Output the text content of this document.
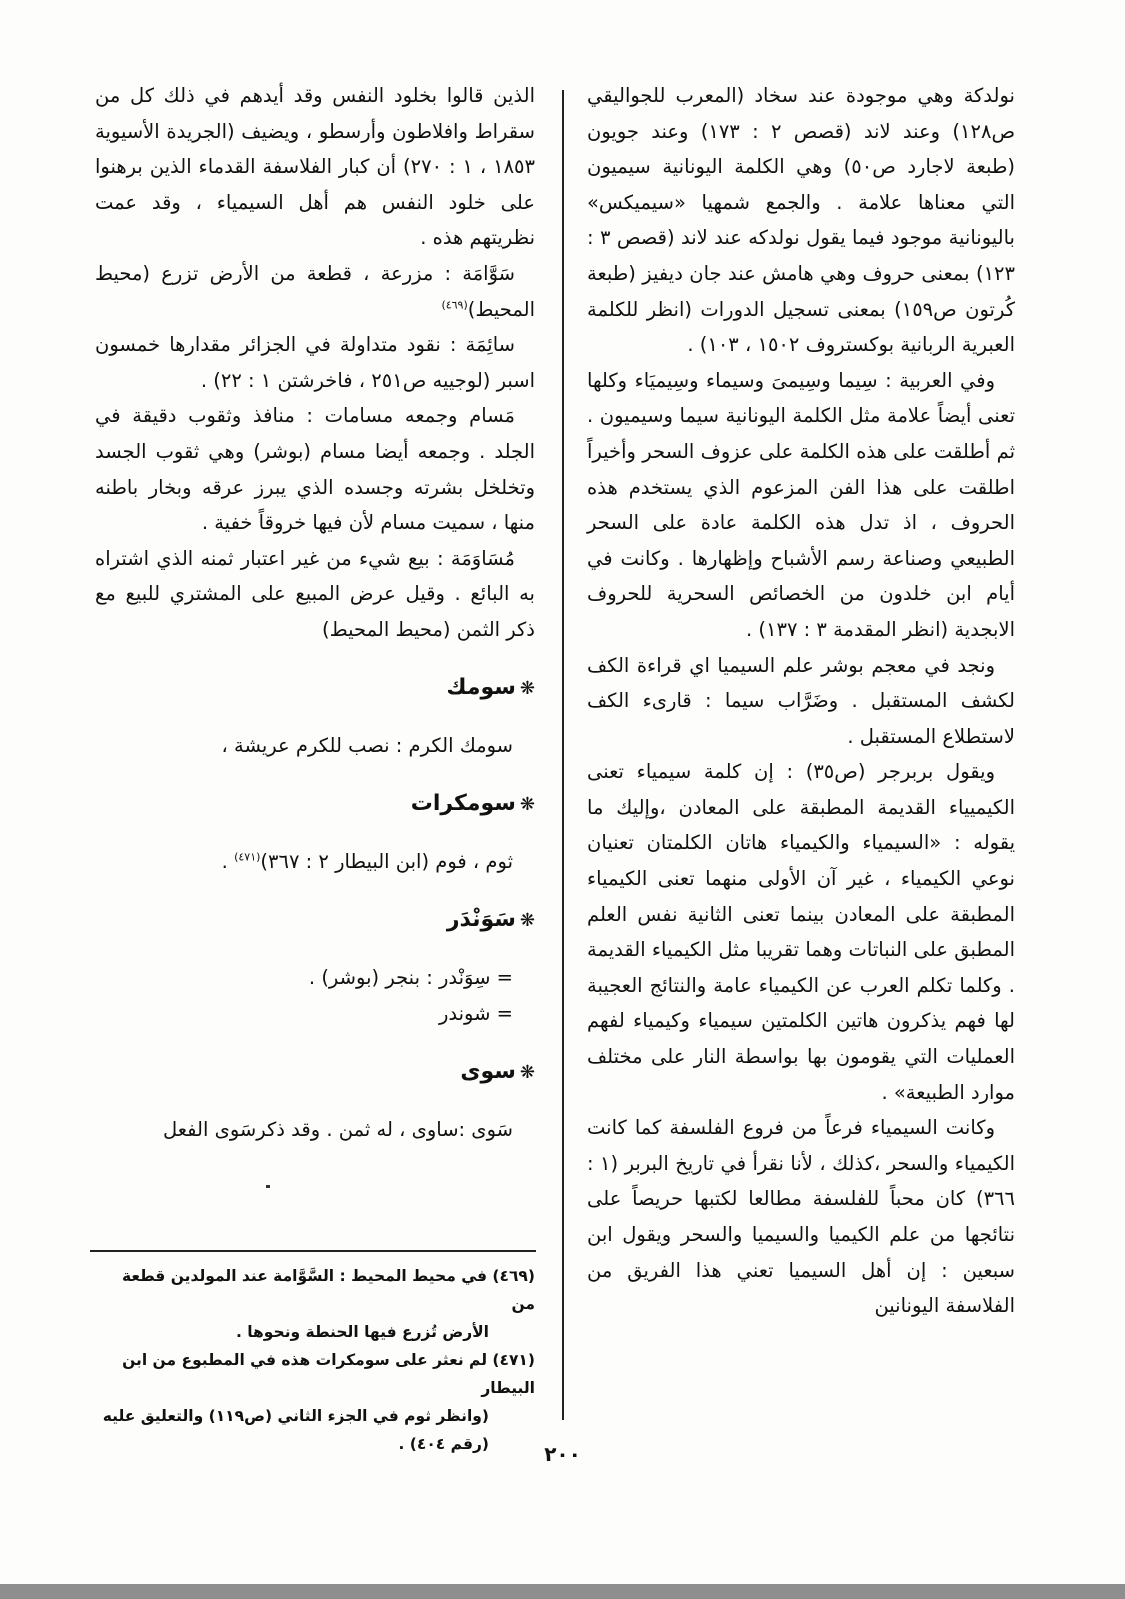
نولدكة وهي موجودة عند سخاد (المعرب للجواليقي ص١٢٨) وعند لاند (قصص ٢ : ١٧٣) وعند جويون (طبعة لاجارد ص٥٠) وهي الكلمة اليونانية سيميون التي معناها علامة . والجمع شمهيا «سيميكس» باليونانية موجود فيما يقول نولدكه عند لاند (قصص ٣ : ١٢٣) بمعنى حروف وهي هامش عند جان ديفيز (طبعة كُرتون ص١٥٩) بمعنى تسجيل الدورات (انظر للكلمة العبرية الربانية بوكستروف ١٥٠٢ ، ١٠٣) .

وفي العربية : سِيما وسِيمىَ وسيماء وسِيميَاء وكلها تعنى أيضاً علامة مثل الكلمة اليونانية سيما وسيميون . ثم أطلقت على هذه الكلمة على عزوف السحر وأخيراً اطلقت على هذا الفن المزعوم الذي يستخدم هذه الحروف ، اذ تدل هذه الكلمة عادة على السحر الطبيعي وصناعة رسم الأشباح وإظهارها . وكانت في أيام ابن خلدون من الخصائص السحرية للحروف الابجدية (انظر المقدمة ٣ : ١٣٧) .

ونجد في معجم بوشر علم السيميا اي قراءة الكف لكشف المستقبل . وضَرَّاب سيما : قارىء الكف لاستطلاع المستقبل .

ويقول بربرجر (ص٣٥) : إن كلمة سيمياء تعنى الكيميياء القديمة المطبقة على المعادن ،وإليك ما يقوله : «السيمياء والكيمياء هاتان الكلمتان تعنيان نوعي الكيمياء ، غير آن الأولى منهما تعنى الكيمياء المطبقة على المعادن بينما تعنى الثانية نفس العلم المطبق على النباتات وهما تقريبا مثل الكيمياء القديمة . وكلما تكلم العرب عن الكيمياء عامة والنتائج العجيبة لها فهم يذكرون هاتين الكلمتين سيمياء وكيمياء لفهم العمليات التي يقومون بها بواسطة النار على مختلف موارد الطبيعة» .

وكانت السيمياء فرعاً من فروع الفلسفة كما كانت الكيمياء والسحر ،كذلك ، لأنا نقرأ في تاريخ البربر (١ : ٣٦٦) كان محباً للفلسفة مطالعا لكتبها حريصاً على نتائجها من علم الكيميا والسيميا والسحر ويقول ابن سبعين : إن أهل السيميا تعني هذا الفريق من الفلاسفة اليونانين

الذين قالوا بخلود النفس وقد أيدهم في ذلك كل من سقراط وافلاطون وأرسطو ، ويضيف (الجريدة الأسيوية ١٨٥٣ ، ١ : ٢٧٠) أن كبار الفلاسفة القدماء الذين برهنوا على خلود النفس هم أهل السيمياء ، وقد عمت نظريتهم هذه .

سَوَّامَة : مزرعة ، قطعة من الأرض تزرع (محيط المحيط)$^{(٤٦٩)}$

سائِمَة : نقود متداولة في الجزائر مقدارها خمسون اسبر (لوجييه ص٢٥١ ، فاخرشتن ١ : ٢٢) .

مَسام وجمعه مسامات : منافذ وثقوب دقيقة في الجلد . وجمعه أيضا مسام (بوشر) وهي ثقوب الجسد وتخلخل بشرته وجسده الذي يبرز عرقه وبخار باطنه منها ، سميت مسام لأن فيها خروقاً خفية .

مُسَاوَمَة : بيع شيء من غير اعتبار ثمنه الذي اشتراه به البائع . وقيل عرض المبيع على المشتري للبيع مع ذكر الثمن (محيط المحيط)

❋سومك

سومك الكرم : نصب للكرم عريشة ،

❋سومكرات

ثوم ، فوم (ابن البيطار ٢ : ٣٦٧)$^{(٤٧١)}$ .

❋سَوَنْدَر

= سِوَنْدر : بنجر (بوشر) .

= شوندر

❋سوى

سَوى :ساوى ، له ثمن . وقد ذكرسَوى الفعل

(٤٦٩) في محيط المحيط : السَّوَّامة عند المولدين قطعة من

الأرض تُزرع فيها الحنطة ونحوها .

(٤٧١) لم نعثر على سومكرات هذه في المطبوع من ابن البيطار

(وانظر ثوم في الجزء الثاني (ص١١٩) والتعليق عليه

(رقم ٤٠٤) .	٢٠٠
